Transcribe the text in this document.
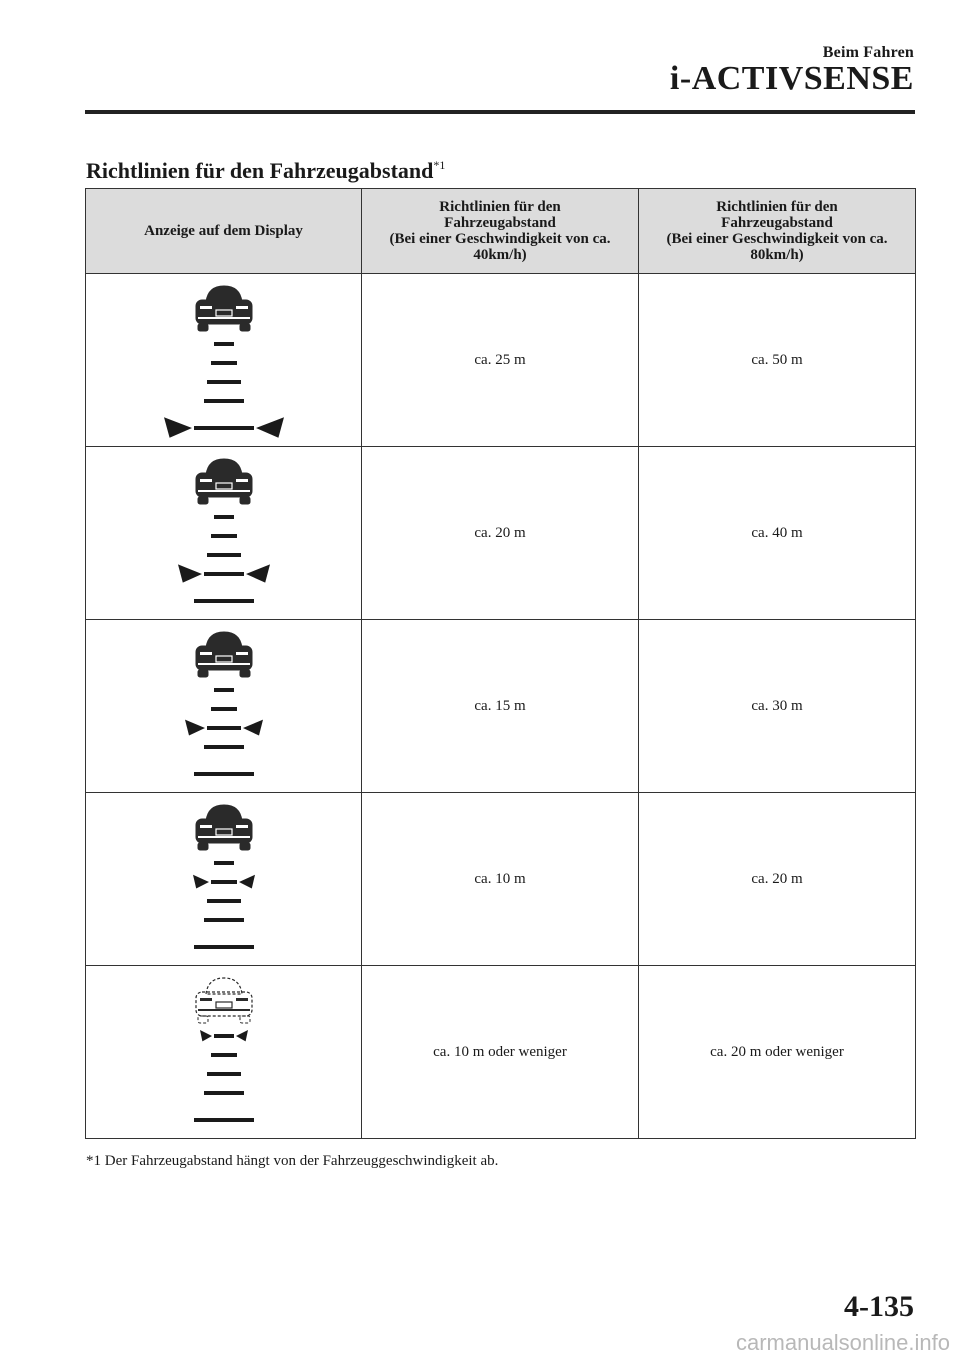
Beim Fahren
i-ACTIVSENSE
Richtlinien für den Fahrzeugabstand$^{*1}$
Anzeige auf dem Display	Richtlinien für den
Fahrzeugabstand
(Bei einer Geschwindigkeit von ca.
40km/h)	Richtlinien für den
Fahrzeugabstand
(Bei einer Geschwindigkeit von ca.
80km/h)

	ca. 25 m	ca. 50 m

	ca. 20 m	ca. 40 m

	ca. 15 m	ca. 30 m

	ca. 10 m	ca. 20 m

	ca. 10 m oder weniger	ca. 20 m oder weniger
*1 Der Fahrzeugabstand hängt von der Fahrzeuggeschwindigkeit ab.
4-135
carmanualsonline.info
